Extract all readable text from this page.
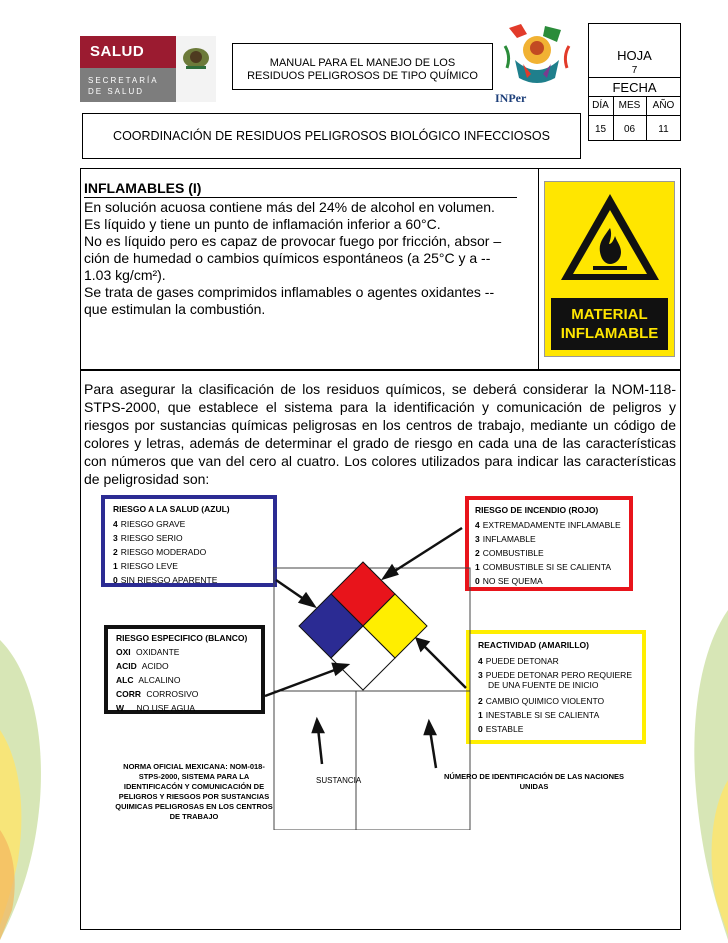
SALUD
SECRETARÍA
DE SALUD
MANUAL PARA EL MANEJO DE LOS
RESIDUOS PELIGROSOS DE TIPO QUÍMICO
INPer
HOJA
7
FECHA
DÍA MES	AÑO
15	06	11
COORDINACIÓN DE RESIDUOS PELIGROSOS BIOLÓGICO INFECCIOSOS
INFLAMABLES (I)
En solución acuosa contiene más del 24% de alcohol en volumen.
Es líquido y tiene un punto de inflamación inferior a 60°C.
No es líquido pero es capaz de provocar fuego por fricción, absor –
ción de humedad o cambios químicos espontáneos (a 25°C y a --
1.03 kg/cm²).
Se trata de gases comprimidos inflamables o agentes oxidantes --
que estimulan la combustión.	MATERIAL
INFLAMABLE
Para asegurar la clasificación de los residuos químicos, se deberá considerar la NOM-118-STPS-2000, que establece el sistema para la identificación y comunicación de peligros y riesgos por sustancias químicas peligrosas en los centros de trabajo, mediante un código de colores y letras, además de determinar el grado de riesgo en cada una de las características con números que van del cero al cuatro. Los colores utilizados para indicar las características de peligrosidad son:
RIESGO A LA SALUD (AZUL)
4 RIESGO GRAVE
3 RIESGO SERIO
2 RIESGO MODERADO
1 RIESGO LEVE
0 SIN RIESGO APARENTE
RIESGO DE INCENDIO (ROJO)
4 EXTREMADAMENTE INFLAMABLE
3 INFLAMABLE
2 COMBUSTIBLE
1 COMBUSTIBLE SI SE CALIENTA
0 NO SE QUEMA
RIESGO ESPECIFICO (BLANCO)
OXI OXIDANTE
ACID ACIDO
ALC ALCALINO
CORR CORROSIVO
W NO USE AGUA
REACTIVIDAD (AMARILLO)
4 PUEDE DETONAR
3 PUEDE DETONAR PERO REQUIERE
DE UNA FUENTE DE INICIO
2 CAMBIO QUIMICO VIOLENTO
1 INESTABLE SI SE CALIENTA
0 ESTABLE
NORMA OFICIAL MEXICANA: NOM-018-
STPS-2000, SISTEMA PARA LA
IDENTIFICACÓN Y COMUNICACIÓN DE
PELIGROS Y RIESGOS POR SUSTANCIAS
QUIMICAS PELIGROSAS EN LOS CENTROS
DE TRABAJO
SUSTANCIA	NÚMERO DE IDENTIFICACIÓN DE LAS NACIONES
UNIDAS
